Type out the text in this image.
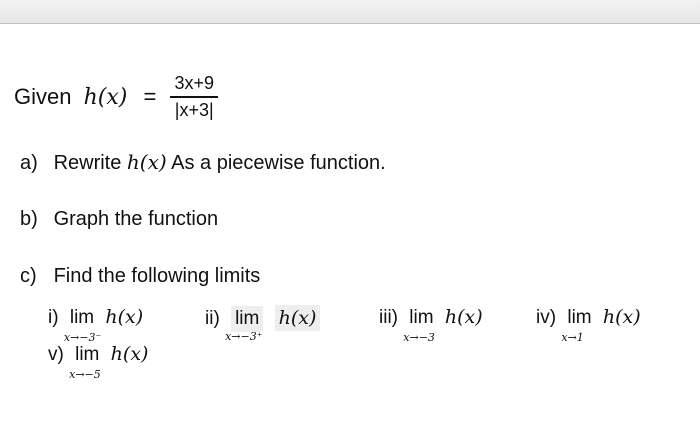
Given $h(x) = \frac{3x+9}{|x+3|}$
a) Rewrite h(x) As a piecewise function.
b) Graph the function
c) Find the following limits
i) lim
x→−3⁻
h(x)	ii) lim
x→−3⁺
h(x)	iii) lim
x→−3
h(x)	iv) lim
x→1
h(x)
v) lim
x→−5
h(x)
